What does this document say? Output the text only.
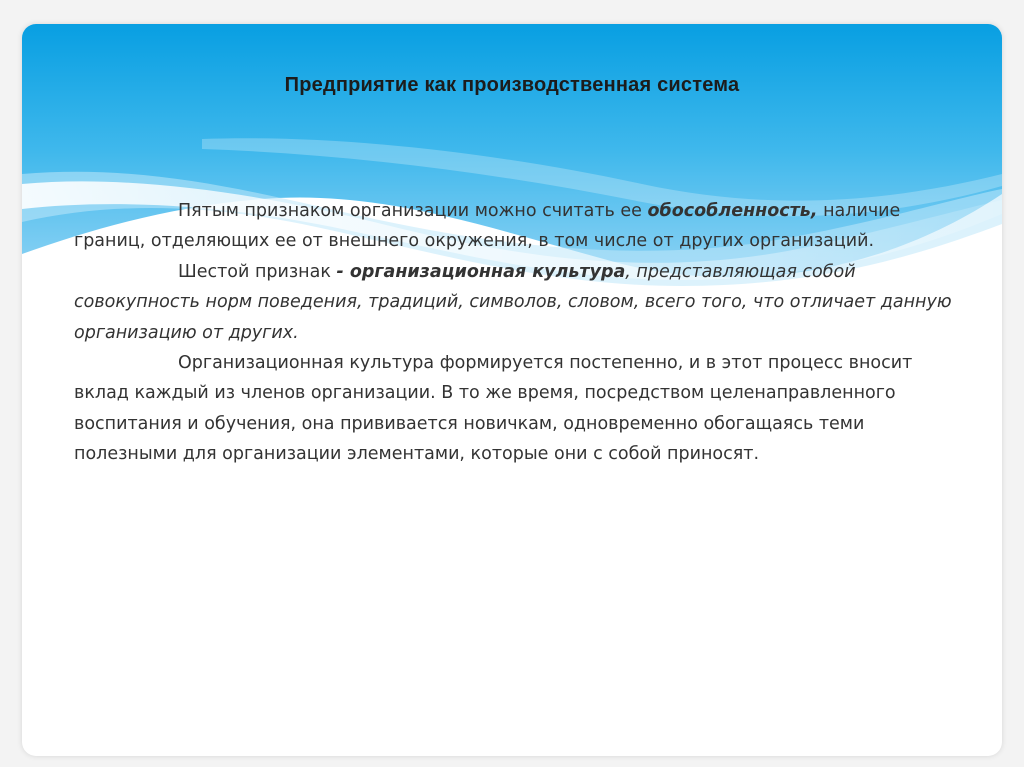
Предприятие как производственная система

Пятым признаком организации можно считать ее обособленность, наличие границ, отделяющих ее от внешнего окружения, в том числе от других организаций.

Шестой признак - организационная культура, представляющая собой совокупность норм поведения, традиций, символов, словом, всего того, что отличает данную организацию от других.

Организационная культура формируется постепенно, и в этот процесс вносит вклад каждый из членов организации. В то же время, посредством целенаправленного воспитания и обучения, она прививается новичкам, одновременно обогащаясь теми полезными для организации элементами, которые они с собой приносят.
